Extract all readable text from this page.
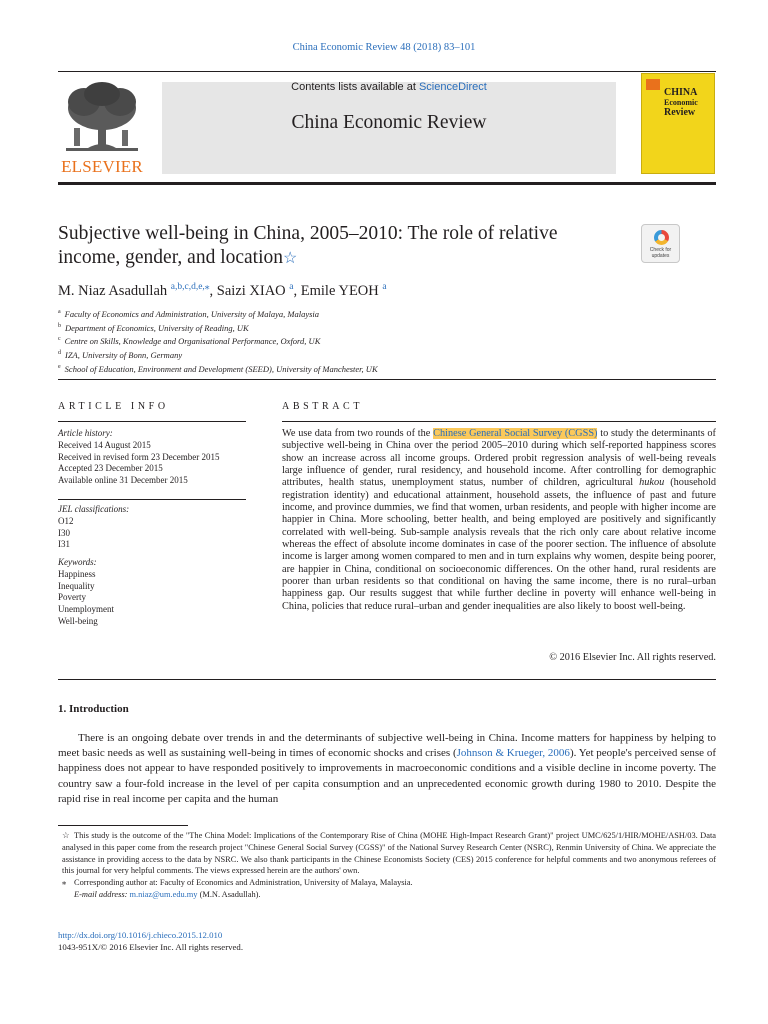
China Economic Review 48 (2018) 83–101
ELSEVIER
Contents lists available at ScienceDirect
China Economic Review
CHINA
Economic
Review
Subjective well-being in China, 2005–2010: The role of relative
income, gender, and location☆	Check for
updates
M. Niaz Asadullah $^{a,b,c,d,e,⁎}$, Saizi XIAO $^a$, Emile YEOH $^a$
$^a$ Faculty of Economics and Administration, University of Malaya, Malaysia
$^b$ Department of Economics, University of Reading, UK
$^c$ Centre on Skills, Knowledge and Organisational Performance, Oxford, UK
$^d$ IZA, University of Bonn, Germany
$^e$ School of Education, Environment and Development (SEED), University of Manchester, UK
ARTICLE INFO	ABSTRACT
Article history:
Received 14 August 2015
Received in revised form 23 December 2015
Accepted 23 December 2015
Available online 31 December 2015
JEL classifications:
O12
I30
I31
Keywords:
Happiness
Inequality
Poverty
Unemployment
Well-being

We use data from two rounds of the Chinese General Social Survey (CGSS) to study the determinants of subjective well-being in China over the period 2005–2010 during which self-reported happiness scores show an increase across all income groups. Ordered probit regression analysis of well-being reveals large influence of gender, rural residency, and household income. After controlling for demographic attributes, health status, unemployment status, number of children, agricultural hukou (household registration identity) and educational attainment, household assets, the influence of past and future income, and province dummies, we find that women, urban residents, and people with higher income are happier in China. More schooling, better health, and being employed are positively and significantly correlated with well-being. Sub-sample analysis reveals that the rich only care about relative income whereas the effect of absolute income dominates in case of the poorer section. The influence of absolute income is larger among women compared to men and in turn explains why women, despite being poorer, are happier in China, conditional on socioeconomic differences. On the other hand, rural residents are poorer than urban residents so that conditional on having the same income, there is no rural–urban happiness gap. Our results suggest that while further decline in poverty will enhance well-being in China, policies that reduce rural–urban and gender inequalities are also likely to boost well-being.

© 2016 Elsevier Inc. All rights reserved.
1. Introduction

There is an ongoing debate over trends in and the determinants of subjective well-being in China. Income matters for happiness by helping to meet basic needs as well as sustaining well-being in times of economic shocks and crises (Johnson & Krueger, 2006). Yet people's perceived sense of happiness does not appear to have responded positively to improvements in macroeconomic conditions and a visible decline in income poverty. The country saw a four-fold increase in the level of per capita consumption and an unprecedented economic growth during 1980 to 2010. Despite the rapid rise in real income per capita and the human

☆ This study is the outcome of the "The China Model: Implications of the Contemporary Rise of China (MOHE High-Impact Research Grant)" project UMC/625/1/HIR/MOHE/ASH/03. Data analysed in this paper come from the research project "Chinese General Social Survey (CGSS)" of the National Survey Research Center (NSRC), Renmin University of China. We appreciate the assistance in providing access to the data by NSRC. We also thank participants in the Chinese Economists Society (CES) 2015 conference for helpful comments and two anonymous referees of this journal for very helpful comments. The views expressed herein are the authors' own.

⁎ Corresponding author at: Faculty of Economics and Administration, University of Malaya, Malaysia.

E-mail address: m.niaz@um.edu.my (M.N. Asadullah).

http://dx.doi.org/10.1016/j.chieco.2015.12.010
1043-951X/© 2016 Elsevier Inc. All rights reserved.
